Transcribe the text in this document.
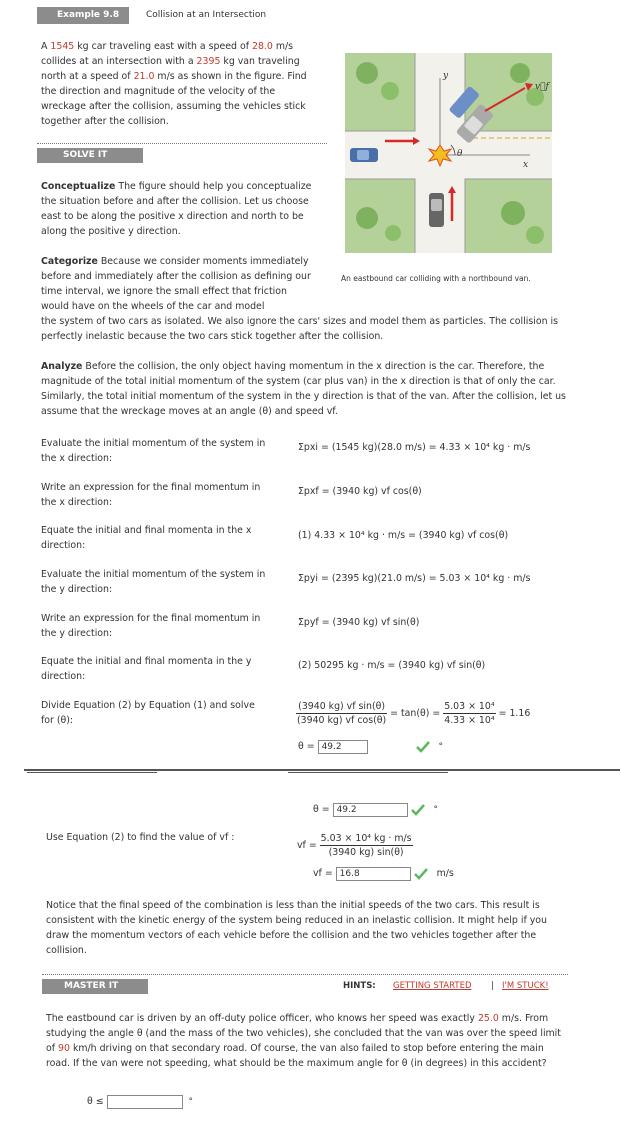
Example 9.8	Collision at an Intersection
A 1545 kg car traveling east with a speed of 28.0 m/s collides at an intersection with a 2395 kg van traveling north at a speed of 21.0 m/s as shown in the figure. Find the direction and magnitude of the velocity of the wreckage after the collision, assuming the vehicles stick together after the collision.
y
x
θ
v⃗f
An eastbound car colliding with a northbound van.
SOLVE IT
Conceptualize The figure should help you conceptualize the situation before and after the collision. Let us choose east to be along the positive x direction and north to be along the positive y direction.
Categorize Because we consider moments immediately before and immediately after the collision as defining our time interval, we ignore the small effect that friction would have on the wheels of the car and model
the system of two cars as isolated. We also ignore the cars' sizes and model them as particles. The collision is perfectly inelastic because the two cars stick together after the collision.
Analyze Before the collision, the only object having momentum in the x direction is the car. Therefore, the magnitude of the total initial momentum of the system (car plus van) in the x direction is that of only the car. Similarly, the total initial momentum of the system in the y direction is that of the van. After the collision, let us assume that the wreckage moves at an angle (θ) and speed vf.
Evaluate the initial momentum of the system in the x direction:
Σpxi = (1545 kg)(28.0 m/s) = 4.33 × 10⁴ kg · m/s
Write an expression for the final momentum in the x direction:
Σpxf = (3940 kg) vf cos(θ)
Equate the initial and final momenta in the x direction:
(1) 4.33 × 10⁴ kg · m/s = (3940 kg) vf cos(θ)
Evaluate the initial momentum of the system in the y direction:
Σpyi = (2395 kg)(21.0 m/s) = 5.03 × 10⁴ kg · m/s
Write an expression for the final momentum in the y direction:
Σpyf = (3940 kg) vf sin(θ)
Equate the initial and final momenta in the y direction:
(2) 50295 kg · m/s = (3940 kg) vf sin(θ)
Divide Equation (2) by Equation (1) and solve for (θ):	$\frac{\text{(3940 kg) vf sin(θ)}}{\text{(3940 kg) vf cos(θ)}} = \tan(\theta) = \frac{\text{5.03 × 10⁴}}{\text{4.33 × 10⁴}} = 1.16$
θ = 49.2	°
θ = 49.2	°
Use Equation (2) to find the value of vf :
vf = $\frac{\text{5.03 × 10⁴ kg · m/s}}{(3940 kg) \sin(\theta)}$
vf = 16.8	m/s
Notice that the final speed of the combination is less than the initial speeds of the two cars. This result is consistent with the kinetic energy of the system being reduced in an inelastic collision. It might help if you draw the momentum vectors of each vehicle before the collision and the two vehicles together after the collision.
MASTER IT	HINTS: GETTING STARTED | I'M STUCK!
The eastbound car is driven by an off-duty police officer, who knows her speed was exactly 25.0 m/s. From studying the angle θ (and the mass of the two vehicles), she concluded that the van was over the speed limit of 90 km/h driving on that secondary road. Of course, the van also failed to stop before entering the main road. If the van were not speeding, what should be the maximum angle for θ (in degrees) in this accident?
θ ≤	°
